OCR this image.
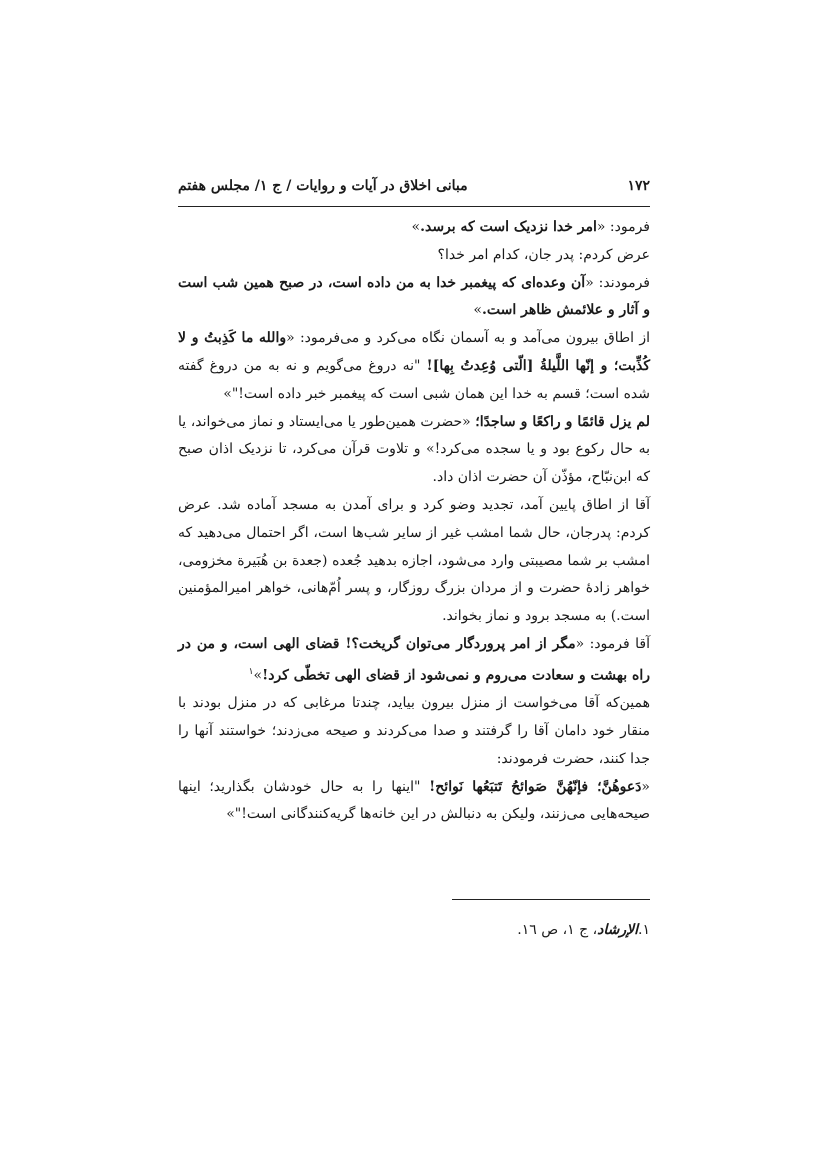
۱۷۲
مبانی اخلاق در آیات و روایات / ج ۱/ مجلس هفتم

فرمود: «امر خدا نزدیک است که برسد.»

عرض کردم: پدر جان، کدام امر خدا؟

فرمودند: «آن وعده‌ای که پیغمبر خدا به من داده است، در صبح همین شب است و آثار و علائمش ظاهر است.»

از اطاق بیرون می‌آمد و به آسمان نگاه می‌کرد و می‌فرمود: «والله ما کَذِبتُ و لا کُذِّبت؛ و إنّها اللَّیلةُ [الّتی وُعِدتُ بِها]! "نه دروغ می‌گویم و نه به من دروغ گفته شده است؛ قسم به خدا این همان شبی است که پیغمبر خبر داده است!"»

لم یزل قائمًا و راکعًا و ساجدًا؛ «حضرت همین‌طور یا می‌ایستاد و نماز می‌خواند، یا به حال رکوع بود و یا سجده می‌کرد!» و تلاوت قرآن می‌کرد، تا نزدیک اذان صبح که ابن‌نبّاح، مؤذّن آن حضرت اذان داد.

آقا از اطاق پایین آمد، تجدید وضو کرد و برای آمدن به مسجد آماده شد. عرض کردم: پدرجان، حال شما امشب غیر از سایر شب‌ها است، اگر احتمال می‌دهید که امشب بر شما مصیبتی وارد می‌شود، اجازه بدهید جُعده (جعدة بن هُبَیرة مخزومی، خواهر زادهٔ حضرت و از مردان بزرگ روزگار، و پسر اُمّ‌هانی، خواهر امیرالمؤمنین است.) به مسجد برود و نماز بخواند.

آقا فرمود: «مگر از امر پروردگار می‌توان گریخت؟! قضای الهی است، و من در راه بهشت و سعادت می‌روم و نمی‌شود از قضای الهی تخطّی کرد!»$^۱$

همین‌که آقا می‌خواست از منزل بیرون بیاید، چندتا مرغابی که در منزل بودند با منقار خود دامان آقا را گرفتند و صدا می‌کردند و صیحه می‌زدند؛ خواستند آنها را جدا کنند، حضرت فرمودند:

«دَعوهُنَّ؛ فإنّهُنَّ صَوائحُ تَتبَعُها نَوائح! "اینها را به حال خودشان بگذارید؛ اینها صیحه‌هایی می‌زنند، ولیکن به دنبالش در این خانه‌ها گریه‌کنندگانی است!"»

۱.الإرشاد، ج ۱، ص ۱٦.
